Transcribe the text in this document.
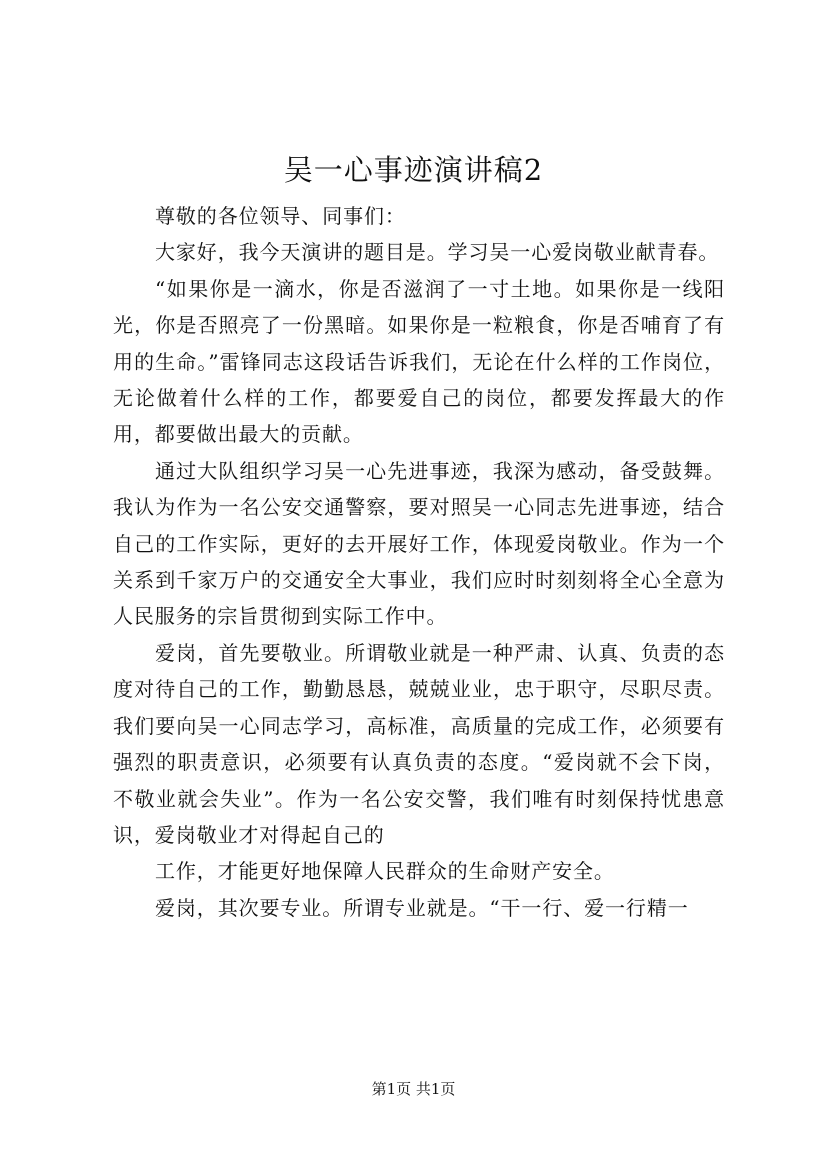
吴一心事迹演讲稿2

尊敬的各位领导、同事们：

大家好，我今天演讲的题目是。学习吴一心爱岗敬业献青春。

“如果你是一滴水，你是否滋润了一寸土地。如果你是一线阳光，你是否照亮了一份黑暗。如果你是一粒粮食，你是否哺育了有用的生命。”雷锋同志这段话告诉我们，无论在什么样的工作岗位，无论做着什么样的工作，都要爱自己的岗位，都要发挥最大的作用，都要做出最大的贡献。

通过大队组织学习吴一心先进事迹，我深为感动，备受鼓舞。我认为作为一名公安交通警察，要对照吴一心同志先进事迹，结合自己的工作实际，更好的去开展好工作，体现爱岗敬业。作为一个关系到千家万户的交通安全大事业，我们应时时刻刻将全心全意为人民服务的宗旨贯彻到实际工作中。

爱岗，首先要敬业。所谓敬业就是一种严肃、认真、负责的态度对待自己的工作，勤勤恳恳，兢兢业业，忠于职守，尽职尽责。我们要向吴一心同志学习，高标准，高质量的完成工作，必须要有强烈的职责意识，必须要有认真负责的态度。“爱岗就不会下岗，不敬业就会失业”。作为一名公安交警，我们唯有时刻保持忧患意识，爱岗敬业才对得起自己的

工作，才能更好地保障人民群众的生命财产安全。

爱岗，其次要专业。所谓专业就是。“干一行、爱一行精一

第1页 共1页
